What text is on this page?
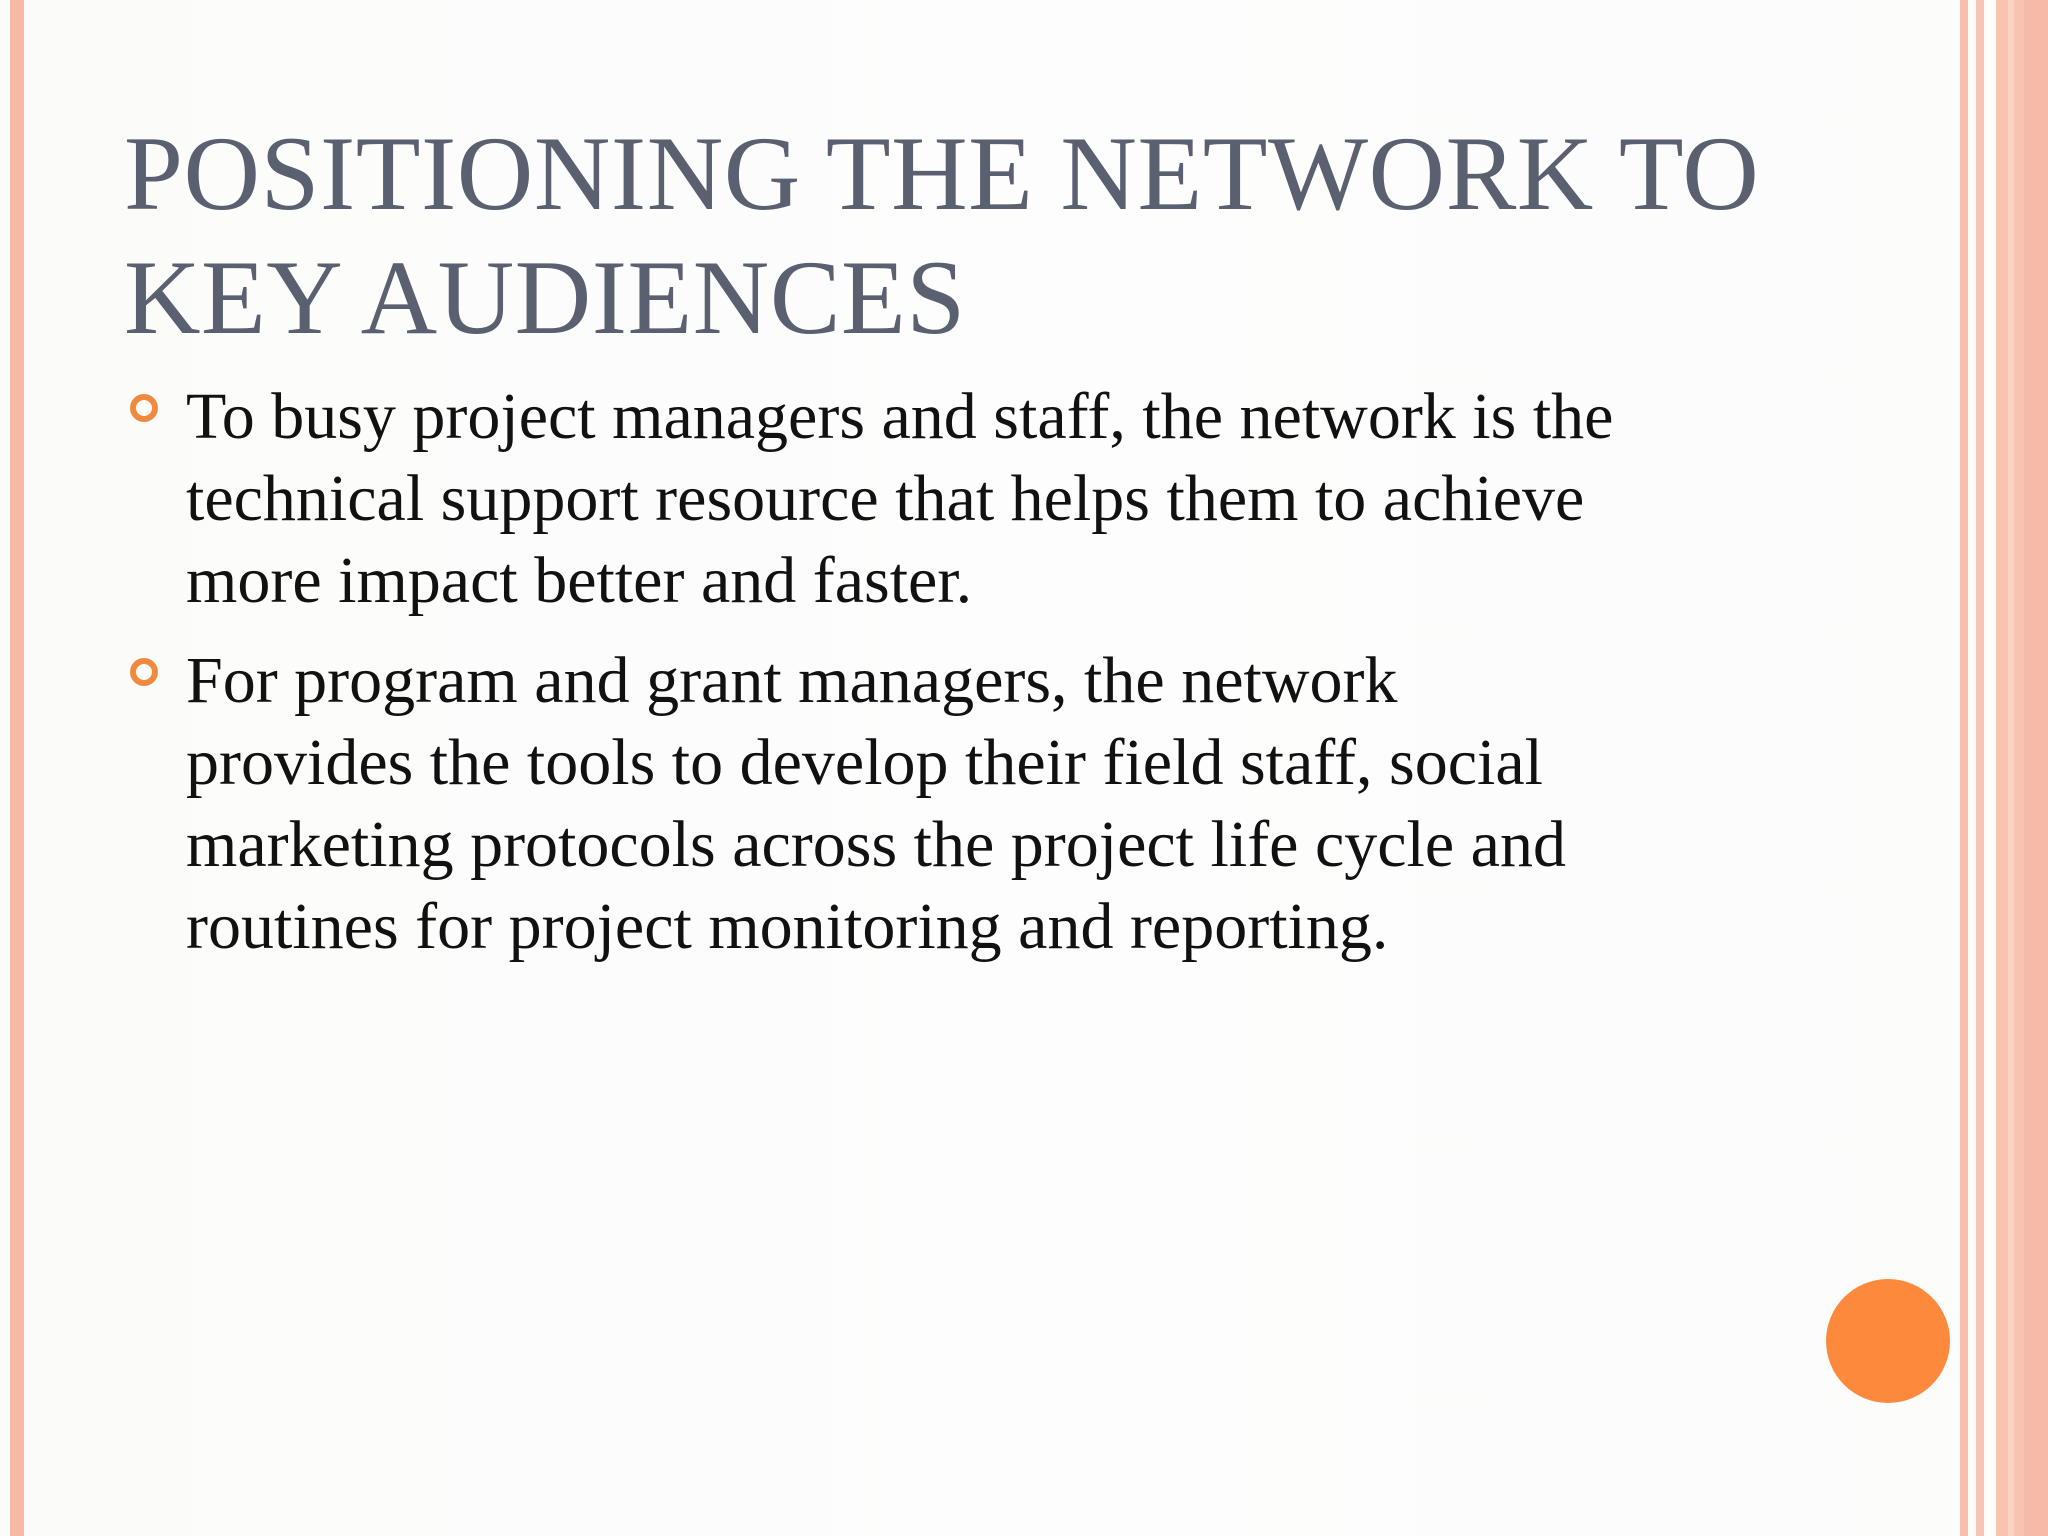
POSITIONING THE NETWORK TO
KEY AUDIENCES
To busy project managers and staff, the network is the
technical support resource that helps them to achieve
more impact better and faster.
For program and grant managers, the network
provides the tools to develop their field staff, social
marketing protocols across the project life cycle and
routines for project monitoring and reporting.
